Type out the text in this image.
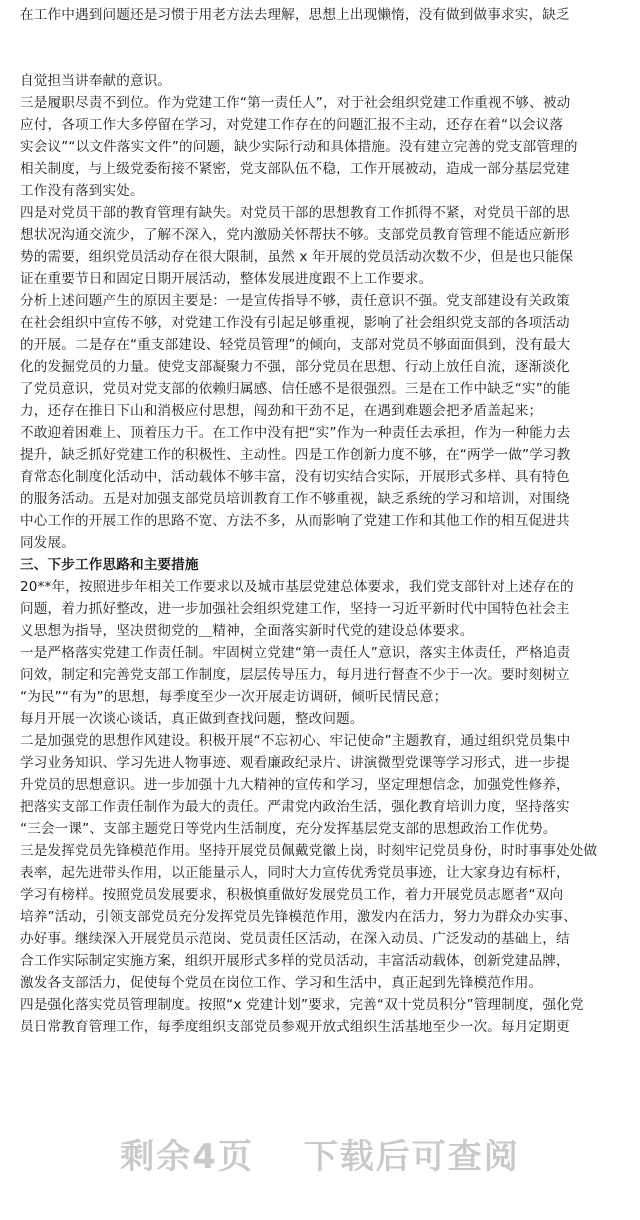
在工作中遇到问题还是习惯于用老方法去理解，思想上出现懒惰，没有做到做事求实，缺乏
自觉担当讲奉献的意识。
三是履职尽责不到位。作为党建工作“第一责任人”，对于社会组织党建工作重视不够、被动
应付，各项工作大多停留在学习，对党建工作存在的问题汇报不主动，还存在着“以会议落
实会议”“以文件落实文件”的问题，缺少实际行动和具体措施。没有建立完善的党支部管理的
相关制度，与上级党委衔接不紧密，党支部队伍不稳，工作开展被动，造成一部分基层党建
工作没有落到实处。
四是对党员干部的教育管理有缺失。对党员干部的思想教育工作抓得不紧，对党员干部的思
想状况沟通交流少，了解不深入，党内激励关怀帮扶不够。支部党员教育管理不能适应新形
势的需要，组织党员活动存在很大限制，虽然 x 年开展的党员活动次数不少，但是也只能保
证在重要节日和固定日期开展活动，整体发展进度跟不上工作要求。
分析上述问题产生的原因主要是：一是宣传指导不够，责任意识不强。党支部建设有关政策
在社会组织中宣传不够，对党建工作没有引起足够重视，影响了社会组织党支部的各项活动
的开展。二是存在“重支部建设、轻党员管理”的倾向，支部对党员不够面面俱到，没有最大
化的发掘党员的力量。使党支部凝聚力不强，部分党员在思想、行动上放任自流，逐渐淡化
了党员意识，党员对党支部的依赖归属感、信任感不是很强烈。三是在工作中缺乏“实”的能
力，还存在推日下山和消极应付思想，闯劲和干劲不足，在遇到难题会把矛盾盖起来；
不敢迎着困难上、顶着压力干。在工作中没有把“实”作为一种责任去承担，作为一种能力去
提升，缺乏抓好党建工作的积极性、主动性。四是工作创新力度不够，在“两学一做”学习教
育常态化制度化活动中，活动载体不够丰富，没有切实结合实际，开展形式多样、具有特色
的服务活动。五是对加强支部党员培训教育工作不够重视，缺乏系统的学习和培训，对围绕
中心工作的开展工作的思路不宽、方法不多，从而影响了党建工作和其他工作的相互促进共
同发展。
三、下步工作思路和主要措施
20**年，按照进步年相关工作要求以及城市基层党建总体要求，我们党支部针对上述存在的
问题，着力抓好整改，进一步加强社会组织党建工作，坚持一习近平新时代中国特色社会主
义思想为指导，坚决贯彻党的＿精神，全面落实新时代党的建设总体要求。
一是严格落实党建工作责任制。牢固树立党建“第一责任人”意识，落实主体责任，严格追责
问效，制定和完善党支部工作制度，层层传导压力，每月进行督查不少于一次。要时刻树立
“为民”“有为”的思想，每季度至少一次开展走访调研，倾听民情民意；
每月开展一次谈心谈话，真正做到查找问题，整改问题。
二是加强党的思想作风建设。积极开展“不忘初心、牢记使命”主题教育，通过组织党员集中
学习业务知识、学习先进人物事迹、观看廉政纪录片、讲演微型党课等学习形式，进一步提
升党员的思想意识。进一步加强十九大精神的宣传和学习，坚定理想信念，加强党性修养，
把落实支部工作责任制作为最大的责任。严肃党内政治生活，强化教育培训力度，坚持落实
“三会一课”、支部主题党日等党内生活制度，充分发挥基层党支部的思想政治工作优势。
三是发挥党员先锋模范作用。坚持开展党员佩戴党徽上岗，时刻牢记党员身份，时时事事处处做
表率，起先进带头作用，以正能量示人，同时大力宣传优秀党员事迹，让大家身边有标杆，
学习有榜样。按照党员发展要求，积极慎重做好发展党员工作，着力开展党员志愿者“双向
培养”活动，引领支部党员充分发挥党员先锋模范作用，激发内在活力，努力为群众办实事、
办好事。继续深入开展党员示范岗、党员责任区活动，在深入动员、广泛发动的基础上，结
合工作实际制定实施方案，组织开展形式多样的党员活动，丰富活动载体，创新党建品牌，
激发各支部活力，促使每个党员在岗位工作、学习和生活中，真正起到先锋模范作用。
四是强化落实党员管理制度。按照“x 党建计划”要求，完善“双十党员积分”管理制度，强化党
员日常教育管理工作，每季度组织支部党员参观开放式组织生活基地至少一次。每月定期更
剩余4页 下载后可查阅
